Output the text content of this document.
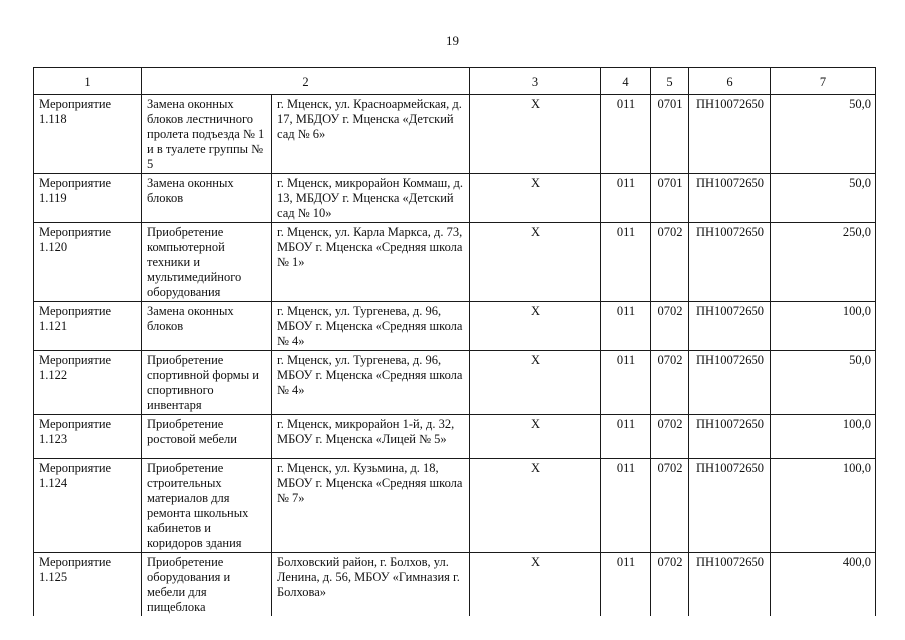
19
1	2		3	4	5	6	7
Мероприятие 1.118	Замена оконных блоков лестничного пролета подъезда № 1 и в туалете группы № 5	г. Мценск, ул. Красноармейская, д. 17, МБДОУ г. Мценска «Детский сад № 6»	Х	011	0701	ПН10072650	50,0
Мероприятие 1.119	Замена оконных блоков	г. Мценск, микрорайон Коммаш, д. 13, МБДОУ г. Мценска «Детский сад № 10»	Х	011	0701	ПН10072650	50,0
Мероприятие 1.120	Приобретение компьютерной техники и мультимедийного оборудования	г. Мценск, ул. Карла Маркса, д. 73, МБОУ г. Мценска «Средняя школа № 1»	Х	011	0702	ПН10072650	250,0
Мероприятие 1.121	Замена оконных блоков	г. Мценск, ул. Тургенева, д. 96, МБОУ г. Мценска «Средняя школа № 4»	Х	011	0702	ПН10072650	100,0
Мероприятие 1.122	Приобретение спортивной формы и спортивного инвентаря	г. Мценск, ул. Тургенева, д. 96, МБОУ г. Мценска «Средняя школа № 4»	Х	011	0702	ПН10072650	50,0
Мероприятие 1.123	Приобретение ростовой мебели	г. Мценск, микрорайон 1-й, д. 32, МБОУ г. Мценска «Лицей № 5»	Х	011	0702	ПН10072650	100,0
Мероприятие 1.124	Приобретение строительных материалов для ремонта школьных кабинетов и коридоров здания	г. Мценск, ул. Кузьмина, д. 18, МБОУ г. Мценска «Средняя школа № 7»	Х	011	0702	ПН10072650	100,0
Мероприятие 1.125	Приобретение оборудования и мебели для пищеблока	Болховский район, г. Болхов, ул. Ленина, д. 56, МБОУ «Гимназия г. Болхова»	Х	011	0702	ПН10072650	400,0
